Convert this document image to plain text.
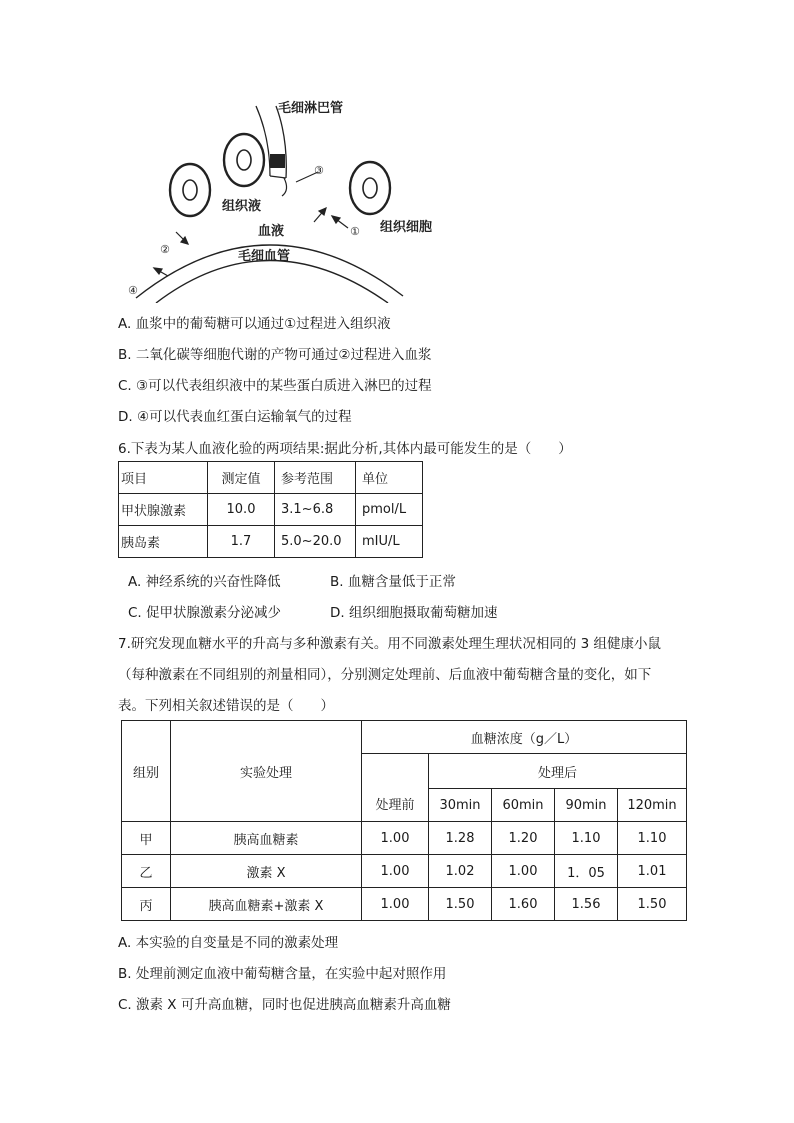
毛细淋巴管
组织液
血液
毛细血管
组织细胞
①
②
③
④
A. 血浆中的葡萄糖可以通过①过程进入组织液
B. 二氧化碳等细胞代谢的产物可通过②过程进入血浆
C. ③可以代表组织液中的某些蛋白质进入淋巴的过程
D. ④可以代表血红蛋白运输氧气的过程
6.下表为某人血液化验的两项结果:据此分析,其体内最可能发生的是（　　）
项目	测定值	参考范围	单位
甲状腺激素	10.0	3.1~6.8	pmol/L
胰岛素	1.7	5.0~20.0	mIU/L
A. 神经系统的兴奋性降低	B. 血糖含量低于正常
C. 促甲状腺激素分泌减少	D. 组织细胞摄取葡萄糖加速
7.研究发现血糖水平的升高与多种激素有关。用不同激素处理生理状况相同的 3 组健康小鼠
（每种激素在不同组别的剂量相同），分别测定处理前、后血液中葡萄糖含量的变化，如下
表。下列相关叙述错误的是（　　）
组别	实验处理	血糖浓度（g／L）				
		处理前	处理后			
			30min	60min	90min	120min
甲	胰高血糖素	1.00	1.28	1.20	1.10	1.10
乙	激素 X	1.00	1.02	1.00	1．05	1.01
丙	胰高血糖素+激素 X	1.00	1.50	1.60	1.56	1.50
A. 本实验的自变量是不同的激素处理
B. 处理前测定血液中葡萄糖含量，在实验中起对照作用
C. 激素 X 可升高血糖，同时也促进胰高血糖素升高血糖
